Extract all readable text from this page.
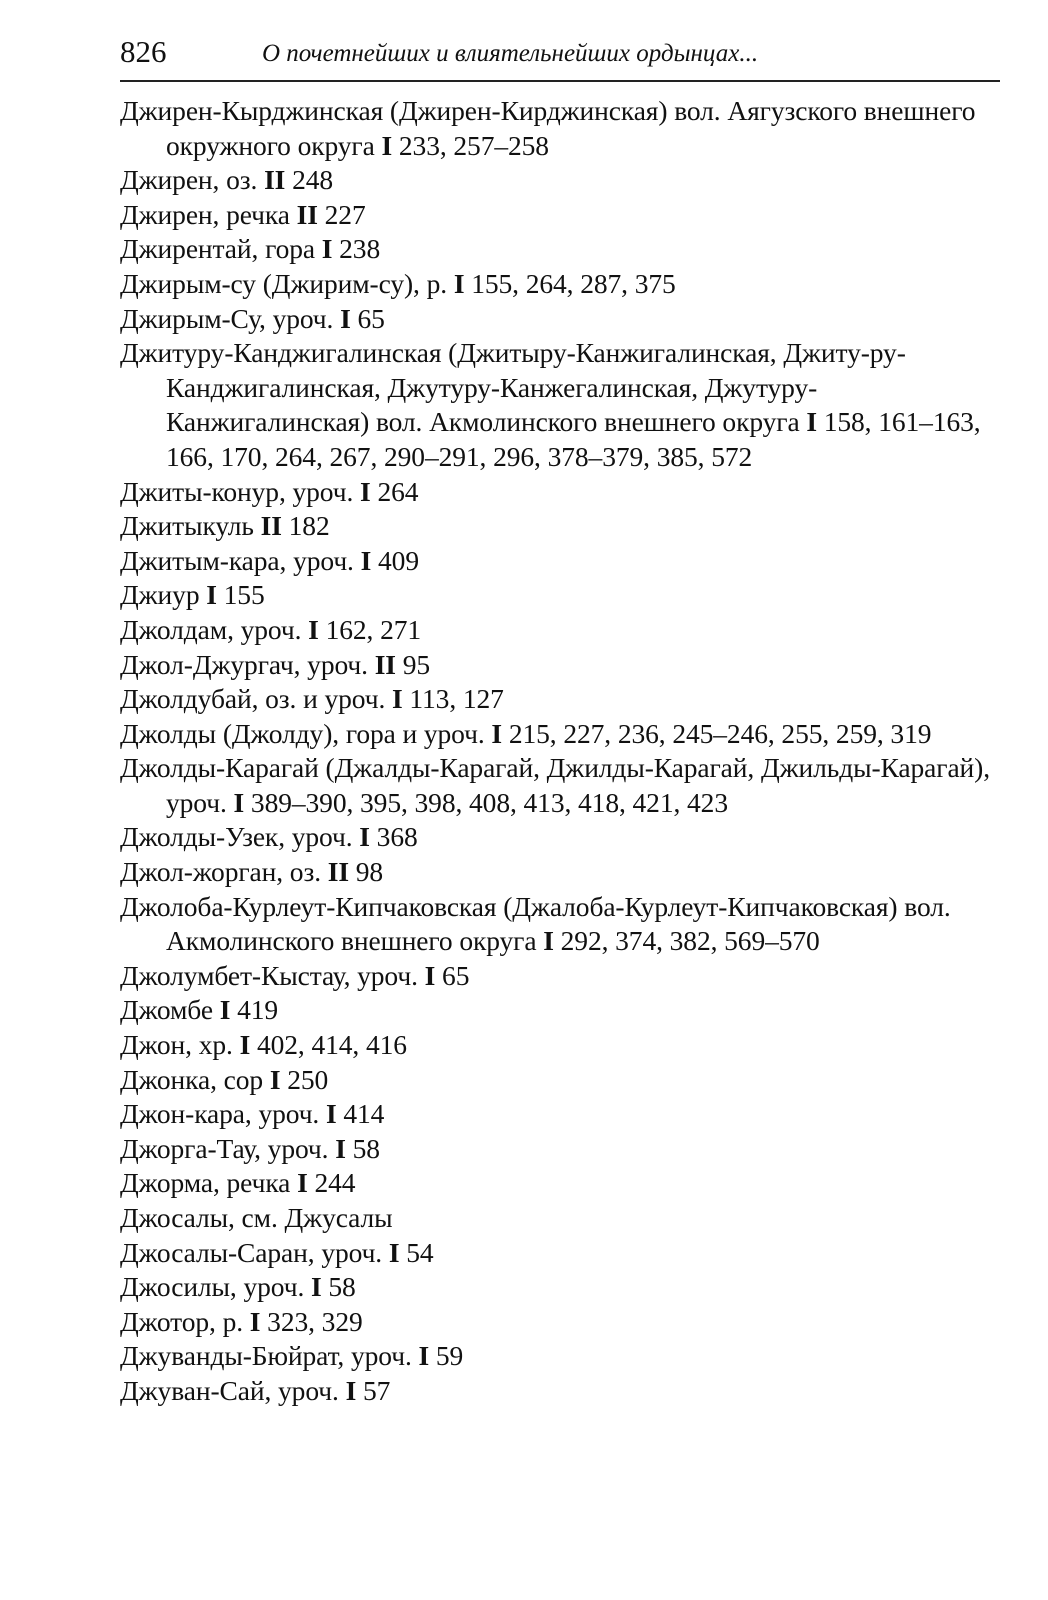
826	О почетнейших и влиятельнейших ордынцах...
Джирен-Кырджинская (Джирен-Кирджинская) вол. Аягузского внешнего окружного округа I 233, 257–258
Джирен, оз. II 248
Джирен, речка II 227
Джирентай, гора I 238
Джирым-су (Джирим-су), р. I 155, 264, 287, 375
Джирым-Су, уроч. I 65
Джитуру-Канджигалинская (Джитыру-Канжигалинская, Джиту-ру-Канджигалинская, Джутуру-Канжегалинская, Джутуру-Канжигалинская) вол. Акмолинского внешнего округа I 158, 161–163, 166, 170, 264, 267, 290–291, 296, 378–379, 385, 572
Джиты-конур, уроч. I 264
Джитыкуль II 182
Джитым-кара, уроч. I 409
Джиур I 155
Джолдам, уроч. I 162, 271
Джол-Джургач, уроч. II 95
Джолдубай, оз. и уроч. I 113, 127
Джолды (Джолду), гора и уроч. I 215, 227, 236, 245–246, 255, 259, 319
Джолды-Карагай (Джалды-Карагай, Джилды-Карагай, Джильды-Карагай), уроч. I 389–390, 395, 398, 408, 413, 418, 421, 423
Джолды-Узек, уроч. I 368
Джол-жорган, оз. II 98
Джолоба-Курлеут-Кипчаковская (Джалоба-Курлеут-Кипчаковская) вол. Акмолинского внешнего округа I 292, 374, 382, 569–570
Джолумбет-Кыстау, уроч. I 65
Джомбе I 419
Джон, хр. I 402, 414, 416
Джонка, сор I 250
Джон-кара, уроч. I 414
Джорга-Тау, уроч. I 58
Джорма, речка I 244
Джосалы, см. Джусалы
Джосалы-Саран, уроч. I 54
Джосилы, уроч. I 58
Джотор, р. I 323, 329
Джуванды-Бюйрат, уроч. I 59
Джуван-Сай, уроч. I 57
